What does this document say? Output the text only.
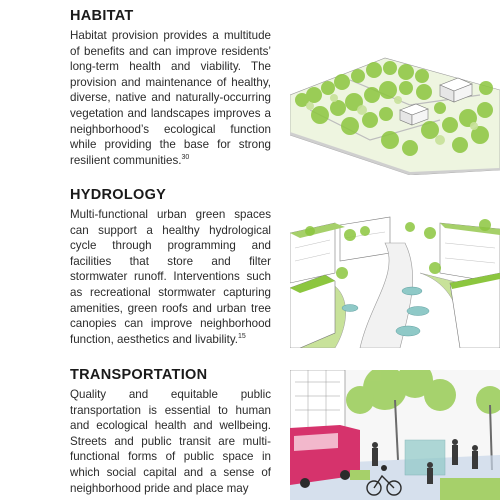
HABITAT

Habitat provision provides a multitude of benefits and can improve residents’ long-term health and viability. The provision and maintenance of healthy, diverse, native and naturally-occurring vegetation and landscapes improves a neighborhood’s ecological function while providing the base for strong resilient communities.$^{30}$

HYDROLOGY

Multi-functional urban green spaces can support a healthy hydrological cycle through programming and facilities that store and filter stormwater runoff. Interventions such as recreational stormwater capturing amenities, green roofs and urban tree canopies can improve neighborhood function, aesthetics and livability.$^{15}$

TRANSPORTATION

Quality and equitable public transportation is essential to human and ecological health and wellbeing. Streets and public transit are multi-functional forms of public space in which social capital and a sense of neighborhood pride and place may
